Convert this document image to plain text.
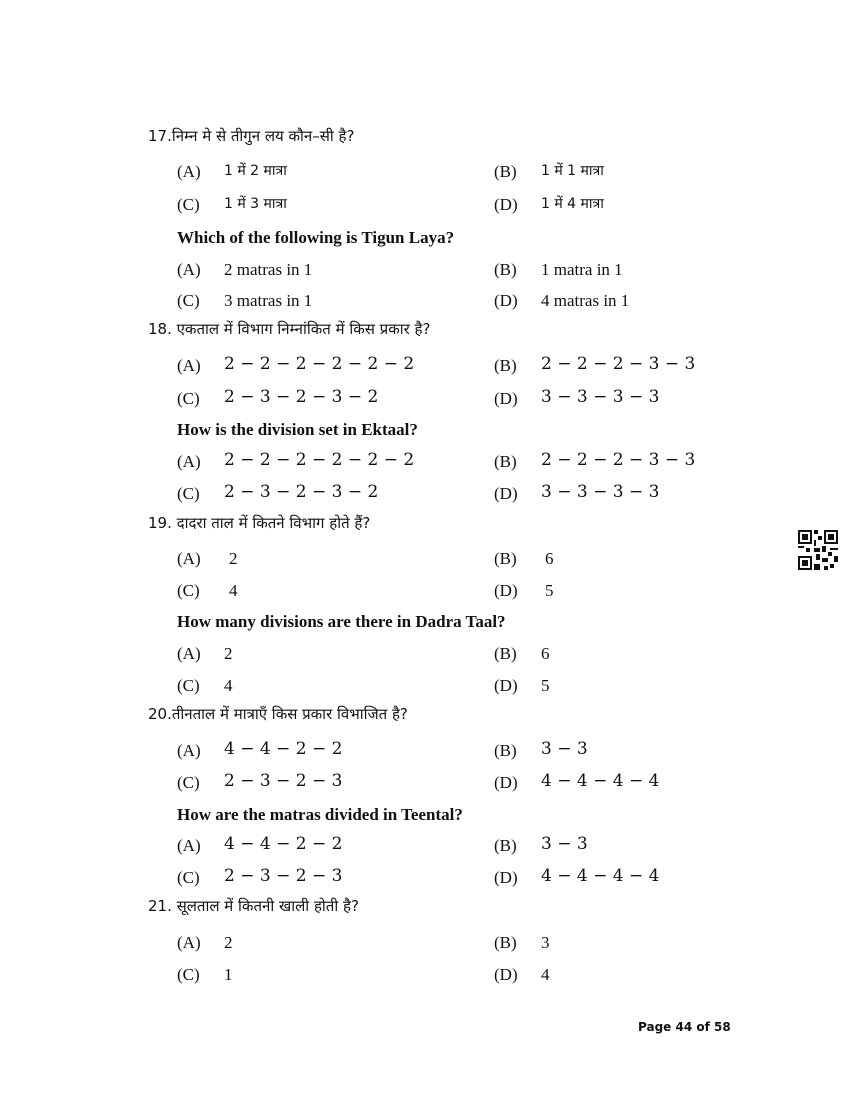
17.निम्न मे से तीगुन लय कौन–सी है?
(A) 1 में 2 मात्रा	(B) 1 में 1 मात्रा
(C) 1 में 3 मात्रा	(D) 1 में 4 मात्रा
Which of the following is Tigun Laya?
(A) 2 matras in 1	(B) 1 matra in 1
(C) 3 matras in 1	(D) 4 matras in 1
18. एकताल में विभाग निम्नांकित में किस प्रकार है?
(A) 2 − 2 − 2 − 2 − 2 − 2	(B) 2 − 2 − 2 − 3 − 3
(C) 2 − 3 − 2 − 3 − 2	(D) 3 − 3 − 3 − 3
How is the division set in Ektaal?
(A) 2 − 2 − 2 − 2 − 2 − 2	(B) 2 − 2 − 2 − 3 − 3
(C) 2 − 3 − 2 − 3 − 2	(D) 3 − 3 − 3 − 3
19. दादरा ताल में कितने विभाग होते हैं?
(A) 2	(B) 6
(C) 4	(D) 5
How many divisions are there in Dadra Taal?
(A) 2	(B) 6
(C) 4	(D) 5
20.तीनताल में मात्राएँ किस प्रकार विभाजित है?
(A) 4 − 4 − 2 − 2	(B) 3 − 3
(C) 2 − 3 − 2 − 3	(D) 4 − 4 − 4 − 4
How are the matras divided in Teental?
(A) 4 − 4 − 2 − 2	(B) 3 − 3
(C) 2 − 3 − 2 − 3	(D) 4 − 4 − 4 − 4
21. सूलताल में कितनी खाली होती है?
(A) 2	(B) 3
(C) 1	(D) 4
Page 44 of 58
